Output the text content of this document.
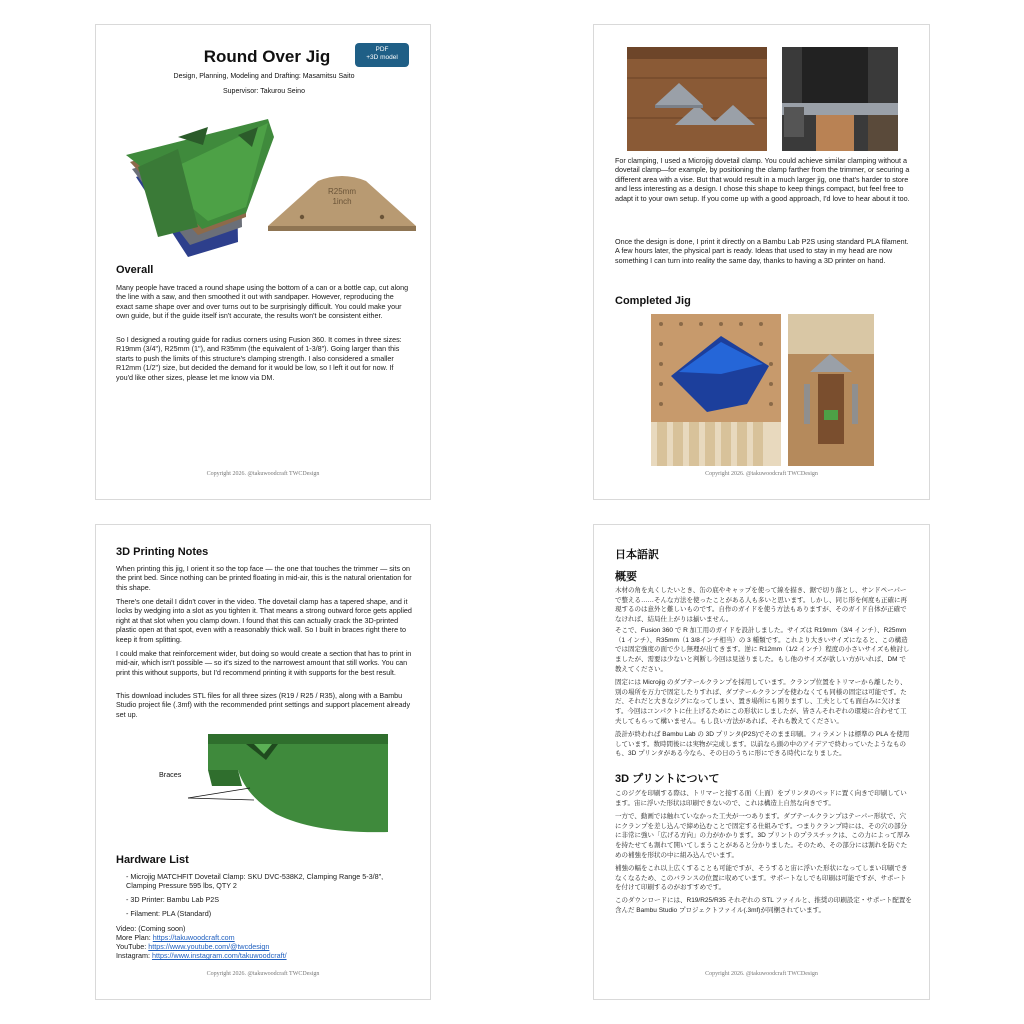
Round Over Jig	PDF
+3D model
Design, Planning, Modeling and Drafting: Masamitsu Saito
Supervisor: Takurou Seino
R25mm
1inch
Overall
Many people have traced a round shape using the bottom of a can or a bottle cap, cut along the line with a saw, and then smoothed it out with sandpaper. However, reproducing the exact same shape over and over turns out to be surprisingly difficult. You could make your own guide, but if the guide itself isn't accurate, the results won't be consistent either.
So I designed a routing guide for radius corners using Fusion 360. It comes in three sizes: R19mm (3/4"), R25mm (1"), and R35mm (the equivalent of 1-3/8"). Going larger than this starts to push the limits of this structure's clamping strength. I also considered a smaller R12mm (1/2") size, but decided the demand for it would be low, so I left it out for now. If you'd like other sizes, please let me know via DM.
Copyright 2026. @takuwoodcraft TWCDesign
For clamping, I used a Microjig dovetail clamp. You could achieve similar clamping without a dovetail clamp—for example, by positioning the clamp farther from the trimmer, or securing a different area with a vise. But that would result in a much larger jig, one that's harder to store and less interesting as a design. I chose this shape to keep things compact, but feel free to adapt it to your own setup. If you come up with a good approach, I'd love to hear about it too.
Once the design is done, I print it directly on a Bambu Lab P2S using standard PLA filament. A few hours later, the physical part is ready. Ideas that used to stay in my head are now something I can turn into reality the same day, thanks to having a 3D printer on hand.
Completed Jig
Copyright 2026. @takuwoodcraft TWCDesign
3D Printing Notes
When printing this jig, I orient it so the top face — the one that touches the trimmer — sits on the print bed. Since nothing can be printed floating in mid-air, this is the natural orientation for this shape.
There's one detail I didn't cover in the video. The dovetail clamp has a tapered shape, and it locks by wedging into a slot as you tighten it. That means a strong outward force gets applied right at that slot when you clamp down. I found that this can actually crack the 3D-printed plastic open at that spot, even with a reasonably thick wall. So I built in braces right there to keep it from splitting.
I could make that reinforcement wider, but doing so would create a section that has to print in mid-air, which isn't possible — so it's sized to the narrowest amount that still works. You can print this without supports, but I'd recommend printing it with supports for the best result.
This download includes STL files for all three sizes (R19 / R25 / R35), along with a Bambu Studio project file (.3mf) with the recommended print settings and support placement already set up.
Braces
Hardware List
- Microjig MATCHFIT Dovetail Clamp: SKU DVC-538K2, Clamping Range 5-3/8", Clamping Pressure 595 lbs, QTY 2
- 3D Printer: Bambu Lab P2S
- Filament: PLA (Standard)
Video: (Coming soon)
More Plan: https://takuwoodcraft.com
YouTube: https://www.youtube.com/@twcdesign
Instagram: https://www.instagram.com/takuwoodcraft/
Copyright 2026. @takuwoodcraft TWCDesign
日本語訳
概要
木材の角を丸くしたいとき、缶の底やキャップを使って線を描き、鋸で切り落とし、サンドペーパーで整える……そんな方法を使ったことがある人も多いと思います。しかし、同じ形を何度も正確に再現するのは意外と難しいものです。自作のガイドを使う方法もありますが、そのガイド自体が正確でなければ、結局仕上がりは揃いません。
そこで、Fusion 360 で R 加工用のガイドを設計しました。サイズは R19mm（3/4 インチ）、R25mm（1 インチ）、R35mm（1 3/8インチ相当）の 3 種類です。これより大きいサイズになると、この構造では固定強度の面で少し無理が出てきます。逆に R12mm（1/2 インチ）程度の小さいサイズも検討しましたが、需要は少ないと判断し今回は見送りました。もし他のサイズが欲しい方がいれば、DM で教えてください。
固定には Microjig のダブテールクランプを採用しています。クランプ位置をトリマーから離したり、別の場所を万力で固定したりすれば、ダブテールクランプを使わなくても同様の固定は可能です。ただ、それだと大きなジグになってしまい、置き場所にも困りますし、工夫としても面白みに欠けます。今回はコンパクトに仕上げるためにこの形状にしましたが、皆さんそれぞれの環境に合わせて工夫してもらって構いません。もし良い方法があれば、それも教えてください。
設計が終われば Bambu Lab の 3D プリンタ(P2S)でそのまま印刷。フィラメントは標準の PLA を使用しています。数時間後には実物が完成します。以前なら頭の中のアイデアで終わっていたようなものも、3D プリンタがある今なら、その日のうちに形にできる時代になりました。
3D プリントについて
このジグを印刷する際は、トリマーと接する面（上面）をプリンタのベッドに置く向きで印刷しています。宙に浮いた形状は印刷できないので、これは構造上自然な向きです。
一方で、動画では触れていなかった工夫が一つあります。ダブテールクランプはテーパー形状で、穴にクランプを差し込んで締め込むことで固定する仕組みです。つまりクランプ時には、その穴の部分に非常に強い「広げる方向」の力がかかります。3D プリントのプラスチックは、この力によって厚みを持たせても割れて開いてしまうことがあると分かりました。そのため、その部分には割れを防ぐための補強を形状の中に組み込んでいます。
補強の幅をこれ以上広くすることも可能ですが、そうすると宙に浮いた形状になってしまい印刷できなくなるため、このバランスの位置に収めています。サポートなしでも印刷は可能ですが、サポートを付けて印刷するのがおすすめです。
このダウンロードには、R19/R25/R35 それぞれの STL ファイルと、推奨の印刷設定・サポート配置を含んだ Bambu Studio プロジェクトファイル(.3mf)が同梱されています。
Copyright 2026. @takuwoodcraft TWCDesign
